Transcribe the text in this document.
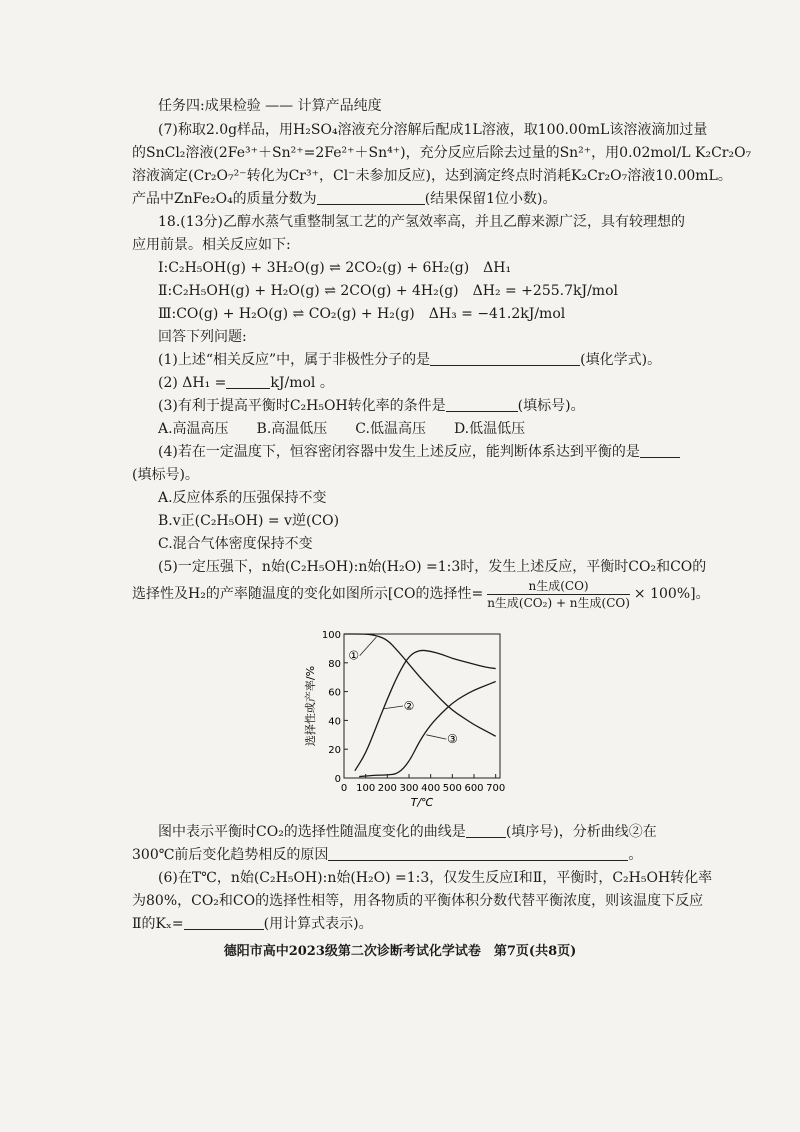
任务四:成果检验 —— 计算产品纯度
(7)称取2.0g样品，用H₂SO₄溶液充分溶解后配成1L溶液，取100.00mL该溶液滴加过量
的SnCl₂溶液(2Fe³⁺＋Sn²⁺=2Fe²⁺＋Sn⁴⁺)，充分反应后除去过量的Sn²⁺，用0.02mol/L K₂Cr₂O₇
溶液滴定(Cr₂O₇²⁻转化为Cr³⁺，Cl⁻未参加反应)，达到滴定终点时消耗K₂Cr₂O₇溶液10.00mL。
产品中ZnFe₂O₄的质量分数为	(结果保留1位小数)。
18.(13分)乙醇水蒸气重整制氢工艺的产氢效率高，并且乙醇来源广泛，具有较理想的
应用前景。相关反应如下:
Ⅰ:C₂H₅OH(g) + 3H₂O(g) ⇌ 2CO₂(g) + 6H₂(g)　ΔH₁
Ⅱ:C₂H₅OH(g) + H₂O(g) ⇌ 2CO(g) + 4H₂(g)　ΔH₂ = +255.7kJ/mol
Ⅲ:CO(g) + H₂O(g) ⇌ CO₂(g) + H₂(g)　ΔH₃ = −41.2kJ/mol
回答下列问题:
(1)上述“相关反应”中，属于非极性分子的是	(填化学式)。
(2) ΔH₁ =	kJ/mol 。
(3)有利于提高平衡时C₂H₅OH转化率的条件是	(填标号)。
A.高温高压　　B.高温低压　　C.低温高压　　D.低温低压
(4)若在一定温度下，恒容密闭容器中发生上述反应，能判断体系达到平衡的是
(填标号)。
A.反应体系的压强保持不变
B.v正(C₂H₅OH) = v逆(CO)
C.混合气体密度保持不变
(5)一定压强下，n始(C₂H₅OH):n始(H₂O) =1:3时，发生上述反应，平衡时CO₂和CO的
选择性及H₂的产率随温度的变化如图所示[CO的选择性= $\frac{\text{n生成(CO)}}{\text{n生成(CO₂) + n生成(CO)}} \times 100\%$]。
0
20
40
60
80
100
0 100 200 300 400 500 600 700
①
②
③
选择性或产率/%
T/℃
图中表示平衡时CO₂的选择性随温度变化的曲线是	(填序号)，分析曲线②在
300℃前后变化趋势相反的原因	。
(6)在T℃，n始(C₂H₅OH):n始(H₂O) =1:3，仅发生反应Ⅰ和Ⅱ，平衡时，C₂H₅OH转化率
为80%，CO₂和CO的选择性相等，用各物质的平衡体积分数代替平衡浓度，则该温度下反应
Ⅱ的Kₓ=	(用计算式表示)。
德阳市高中2023级第二次诊断考试化学试卷　第7页(共8页)
